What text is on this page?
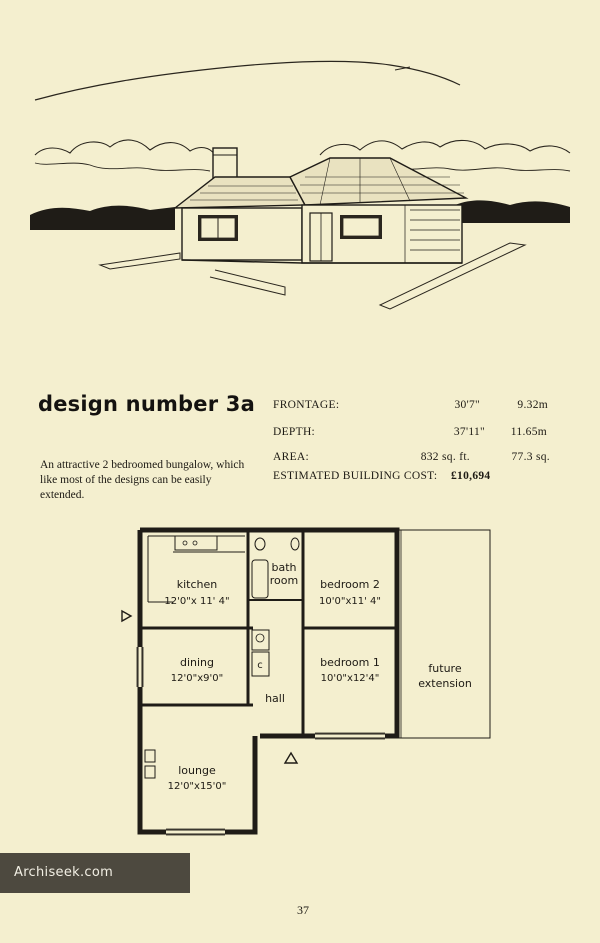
design number 3a
An attractive 2 bedroomed bungalow, which like most of the designs can be easily extended.
FRONTAGE:	30'7"	9.32m
DEPTH:	37'11"	11.65m
AREA:	832 sq. ft.	77.3 sq.
ESTIMATED BUILDING COST: £10,694
kitchen
12'0"x 11' 4"
bath room bedroom 2
10'0"x11' 4"
dining
12'0"x9'0"
bedroom 1
10'0"x12'4"
hall
lounge
12'0"x15'0"
future extension
c
Archiseek.com
37
